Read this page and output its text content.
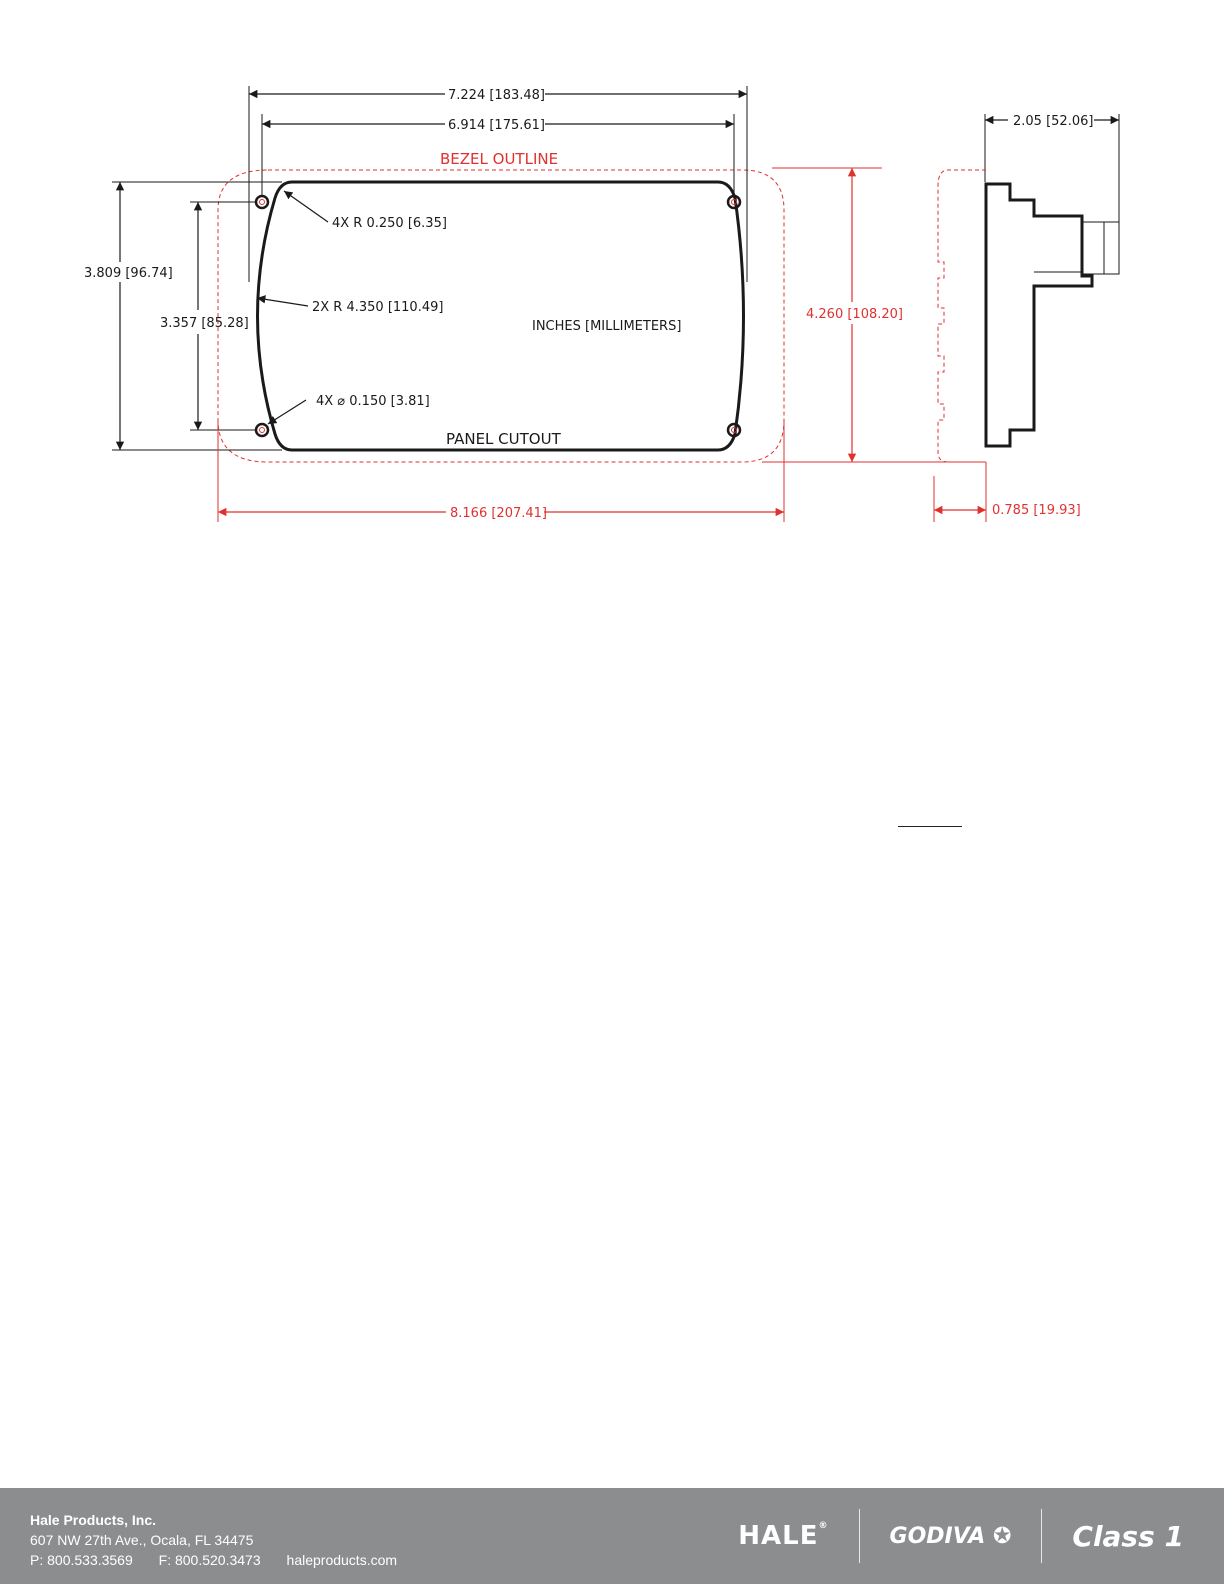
BEZEL OUTLINE
PANEL CUTOUT
INCHES [MILLIMETERS]
7.224 [183.48]
6.914 [175.61]	2.05 [52.06]
3.809 [96.74]
3.357 [85.28]
4X R 0.250 [6.35]
2X R 4.350 [110.49]
4X ⌀ 0.150 [3.81]
4.260 [108.20]
8.166 [207.41]	0.785 [19.93]
Hale Products, Inc.
607 NW 27th Ave., Ocala, FL 34475
P: 800.533.3569 F: 800.520.3473 haleproducts.com
HALE®	GODIVA ✪	Class 1
